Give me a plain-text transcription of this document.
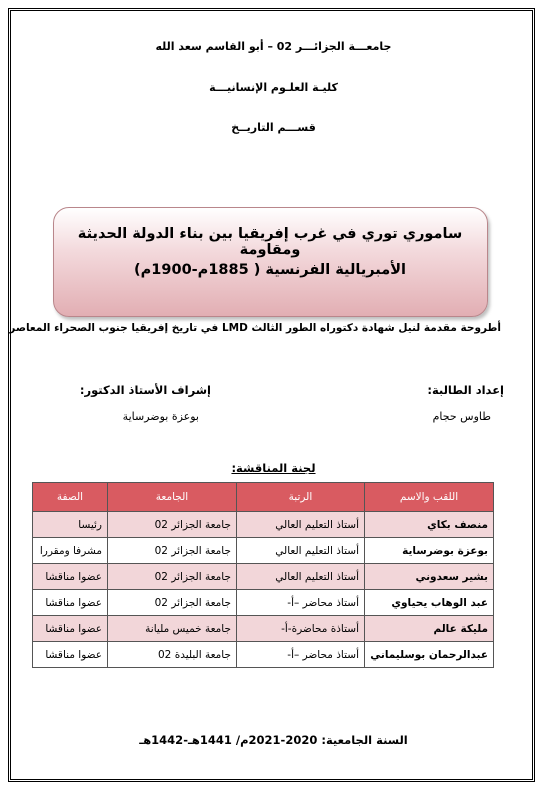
جامعـــة الجزائـــر 02 – أبو القاسم سعد الله
كليـة العلـوم الإنسانيـــة
قســـم التاريــخ
ساموري توري في غرب إفريقيا بين بناء الدولة الحديثة ومقاومة
الأمبريالية الفرنسية ( 1885م-1900م)
أطروحة مقدمة لنيل شهادة دكتوراه الطور الثالث LMD في تاريخ إفريقيا جنوب الصحراء المعاصر
إعداد الطالبة:
طاوس حجام
إشراف الأستاذ الدكتور:
بوعزة بوضرساية
لجنة المناقشة:
اللقب والاسم	الرتبة	الجامعة	الصفة
منصف بكاي	أستاذ التعليم العالي	جامعة الجزائر 02	رئيسا
بوعزة بوضرساية	أستاذ التعليم العالي	جامعة الجزائر 02	مشرفا ومقررا
بشير سعدوني	أستاذ التعليم العالي	جامعة الجزائر 02	عضوا مناقشا
عبد الوهاب يحياوي	أستاذ محاضر –أ-	جامعة الجزائر 02	عضوا مناقشا
مليكة عالم	أستاذة محاضرة-أ-	جامعة خميس مليانة	عضوا مناقشا
عبدالرحمان بوسليماني	أستاذ محاضر –أ-	جامعة البليدة 02	عضوا مناقشا
السنة الجامعية: 2020-2021م/ 1441هـ-1442هـ
